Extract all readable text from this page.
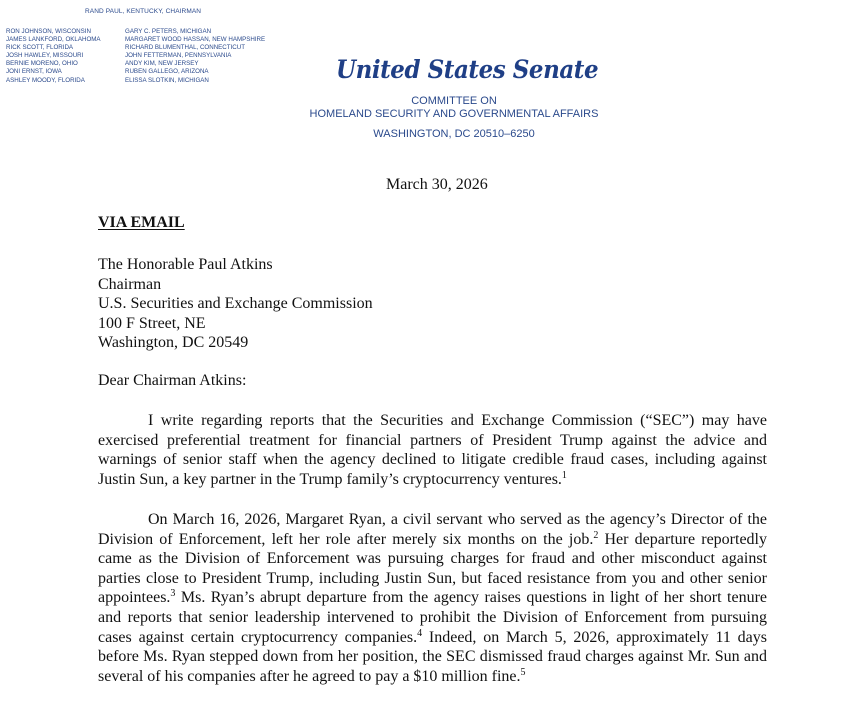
RAND PAUL, KENTUCKY, CHAIRMAN
RON JOHNSON, WISCONSIN
JAMES LANKFORD, OKLAHOMA
RICK SCOTT, FLORIDA
JOSH HAWLEY, MISSOURI
BERNIE MORENO, OHIO
JONI ERNST, IOWA
ASHLEY MOODY, FLORIDA
GARY C. PETERS, MICHIGAN
MARGARET WOOD HASSAN, NEW HAMPSHIRE
RICHARD BLUMENTHAL, CONNECTICUT
JOHN FETTERMAN, PENNSYLVANIA
ANDY KIM, NEW JERSEY
RUBEN GALLEGO, ARIZONA
ELISSA SLOTKIN, MICHIGAN	United States Senate
COMMITTEE ON
HOMELAND SECURITY AND GOVERNMENTAL AFFAIRS
WASHINGTON, DC 20510–6250
March 30, 2026
VIA EMAIL
The Honorable Paul Atkins
Chairman
U.S. Securities and Exchange Commission
100 F Street, NE
Washington, DC 20549
Dear Chairman Atkins:
I write regarding reports that the Securities and Exchange Commission (“SEC”) may have exercised preferential treatment for financial partners of President Trump against the advice and warnings of senior staff when the agency declined to litigate credible fraud cases, including against Justin Sun, a key partner in the Trump family’s cryptocurrency ventures.$^1$
On March 16, 2026, Margaret Ryan, a civil servant who served as the agency’s Director of the Division of Enforcement, left her role after merely six months on the job.$^2$ Her departure reportedly came as the Division of Enforcement was pursuing charges for fraud and other misconduct against parties close to President Trump, including Justin Sun, but faced resistance from you and other senior appointees.$^3$ Ms. Ryan’s abrupt departure from the agency raises questions in light of her short tenure and reports that senior leadership intervened to prohibit the Division of Enforcement from pursuing cases against certain cryptocurrency companies.$^4$ Indeed, on March 5, 2026, approximately 11 days before Ms. Ryan stepped down from her position, the SEC dismissed fraud charges against Mr. Sun and several of his companies after he agreed to pay a $10 million fine.$^5$
